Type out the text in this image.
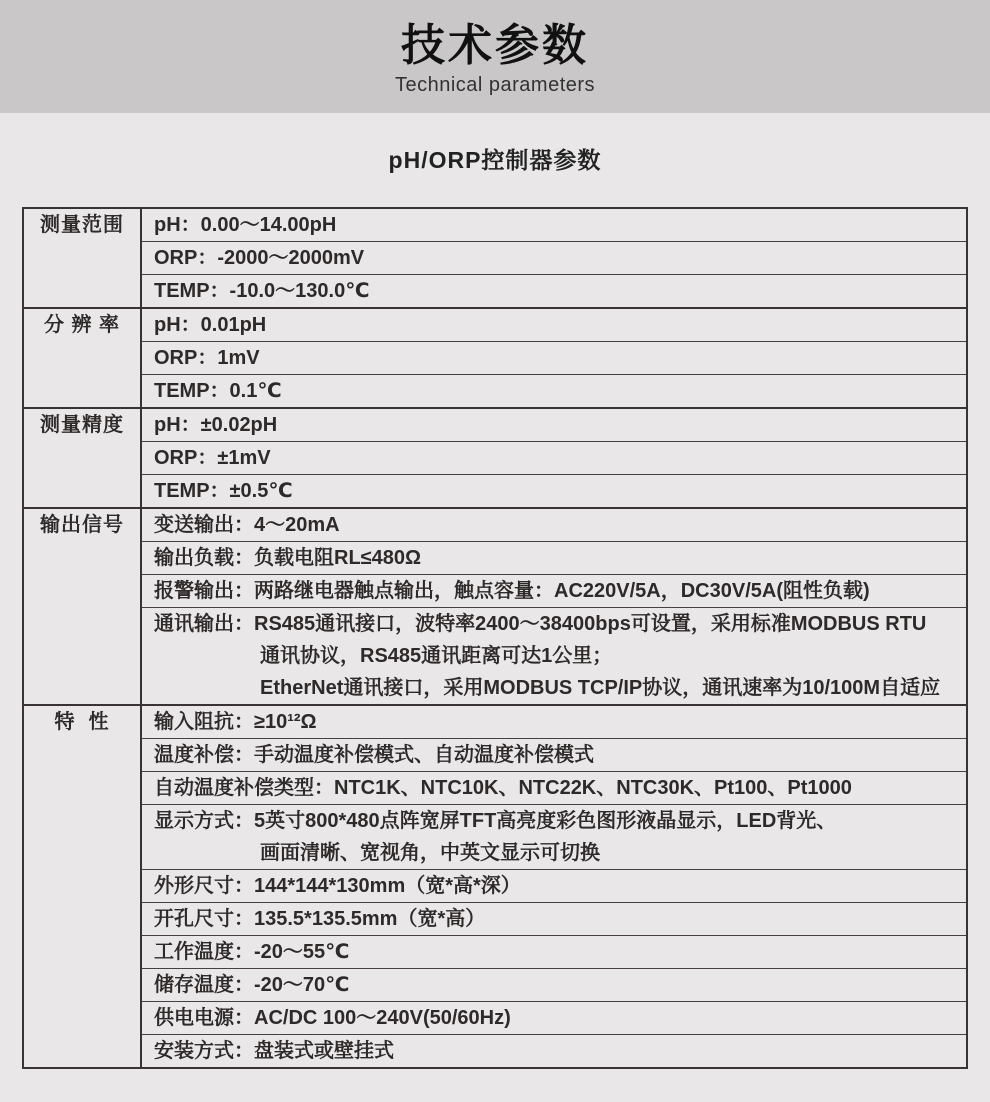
技术参数
Technical parameters
pH/ORP控制器参数
测量范围	pH：0.00～14.00pH
ORP：-2000～2000mV
TEMP：-10.0～130.0℃
分 辨 率	pH：0.01pH
ORP：1mV
TEMP：0.1℃
测量精度	pH：±0.02pH
ORP：±1mV
TEMP：±0.5℃
输出信号	变送输出：4～20mA
输出负载：负载电阻RL≤480Ω
报警输出：两路继电器触点输出，触点容量：AC220V/5A，DC30V/5A(阻性负载)
通讯输出：RS485通讯接口，波特率2400～38400bps可设置，采用标准MODBUS RTU
通讯协议，RS485通讯距离可达1公里；
EtherNet通讯接口，采用MODBUS TCP/IP协议，通讯速率为10/100M自适应
特  性	输入阻抗：≥10¹²Ω
温度补偿：手动温度补偿模式、自动温度补偿模式
自动温度补偿类型：NTC1K、NTC10K、NTC22K、NTC30K、Pt100、Pt1000
显示方式：5英寸800*480点阵宽屏TFT高亮度彩色图形液晶显示，LED背光、
画面清晰、宽视角，中英文显示可切换
外形尺寸：144*144*130mm（宽*高*深）
开孔尺寸：135.5*135.5mm（宽*高）
工作温度：-20～55℃
储存温度：-20～70℃
供电电源：AC/DC 100～240V(50/60Hz)
安装方式：盘装式或壁挂式
